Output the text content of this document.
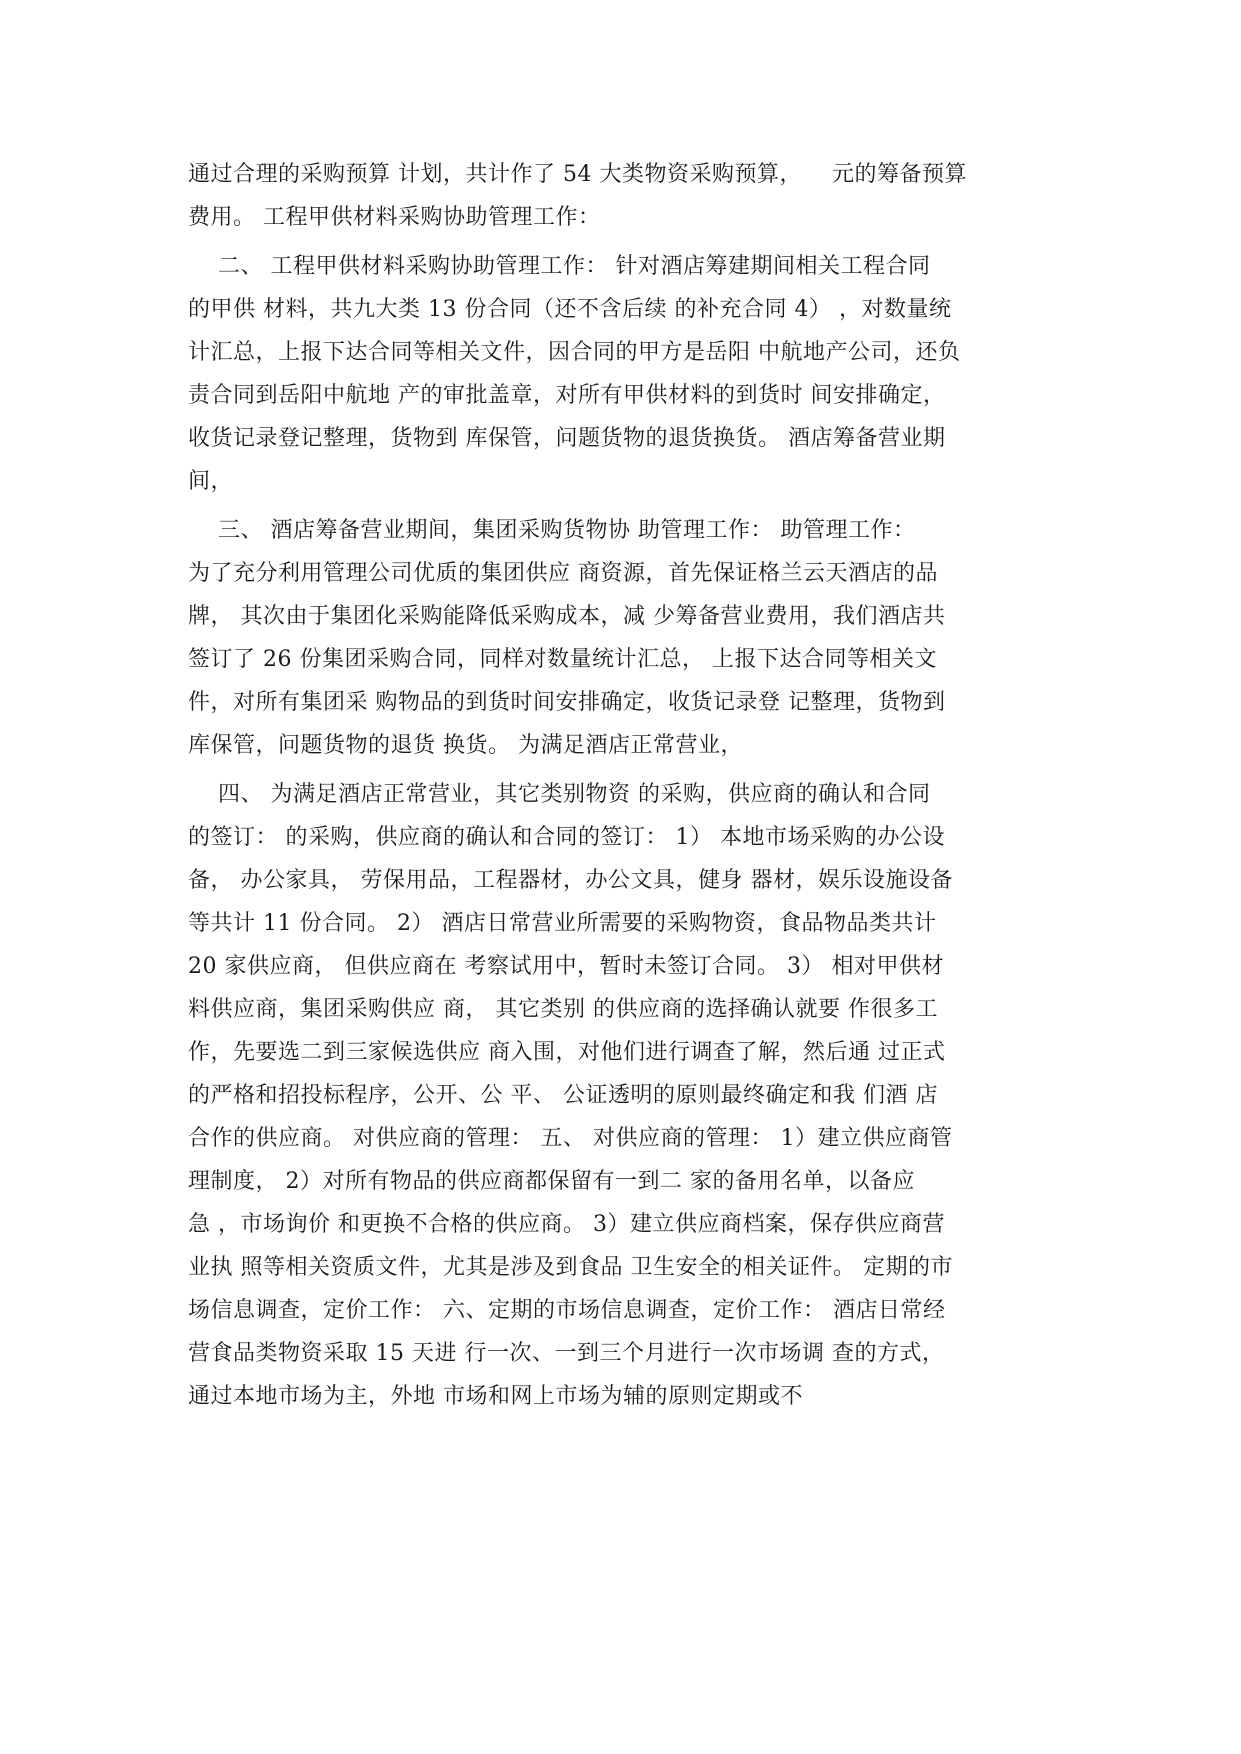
通过合理的采购预算 计划，共计作了 54 大类物资采购预算，    元的筹备预算
费用。 工程甲供材料采购协助管理工作：
二、 工程甲供材料采购协助管理工作： 针对酒店筹建期间相关工程合同
的甲供 材料，共九大类 13 份合同（还不含后续 的补充合同 4） ，对数量统
计汇总，上报下达合同等相关文件，因合同的甲方是岳阳 中航地产公司，还负
责合同到岳阳中航地 产的审批盖章，对所有甲供材料的到货时 间安排确定，
收货记录登记整理，货物到 库保管，问题货物的退货换货。 酒店筹备营业期
间，
三、 酒店筹备营业期间，集团采购货物协 助管理工作： 助管理工作：
为了充分利用管理公司优质的集团供应 商资源，首先保证格兰云天酒店的品
牌， 其次由于集团化采购能降低采购成本，减 少筹备营业费用，我们酒店共
签订了 26 份集团采购合同，同样对数量统计汇总， 上报下达合同等相关文
件，对所有集团采 购物品的到货时间安排确定，收货记录登 记整理，货物到
库保管，问题货物的退货 换货。 为满足酒店正常营业，
四、 为满足酒店正常营业，其它类别物资 的采购，供应商的确认和合同
的签订： 的采购，供应商的确认和合同的签订： 1） 本地市场采购的办公设
备， 办公家具， 劳保用品，工程器材，办公文具，健身 器材，娱乐设施设备
等共计 11 份合同。 2） 酒店日常营业所需要的采购物资，食品物品类共计
20 家供应商， 但供应商在 考察试用中，暂时未签订合同。 3） 相对甲供材
料供应商，集团采购供应 商， 其它类别 的供应商的选择确认就要 作很多工
作，先要选二到三家候选供应 商入围，对他们进行调查了解，然后通 过正式
的严格和招投标程序，公开、公 平、 公证透明的原则最终确定和我 们酒 店
合作的供应商。 对供应商的管理： 五、 对供应商的管理： 1）建立供应商管
理制度， 2）对所有物品的供应商都保留有一到二 家的备用名单，以备应
急 ，市场询价 和更换不合格的供应商。 3）建立供应商档案，保存供应商营
业执 照等相关资质文件，尤其是涉及到食品 卫生安全的相关证件。 定期的市
场信息调查，定价工作： 六、定期的市场信息调查，定价工作： 酒店日常经
营食品类物资采取 15 天进 行一次、一到三个月进行一次市场调 查的方式，
通过本地市场为主，外地 市场和网上市场为辅的原则定期或不
